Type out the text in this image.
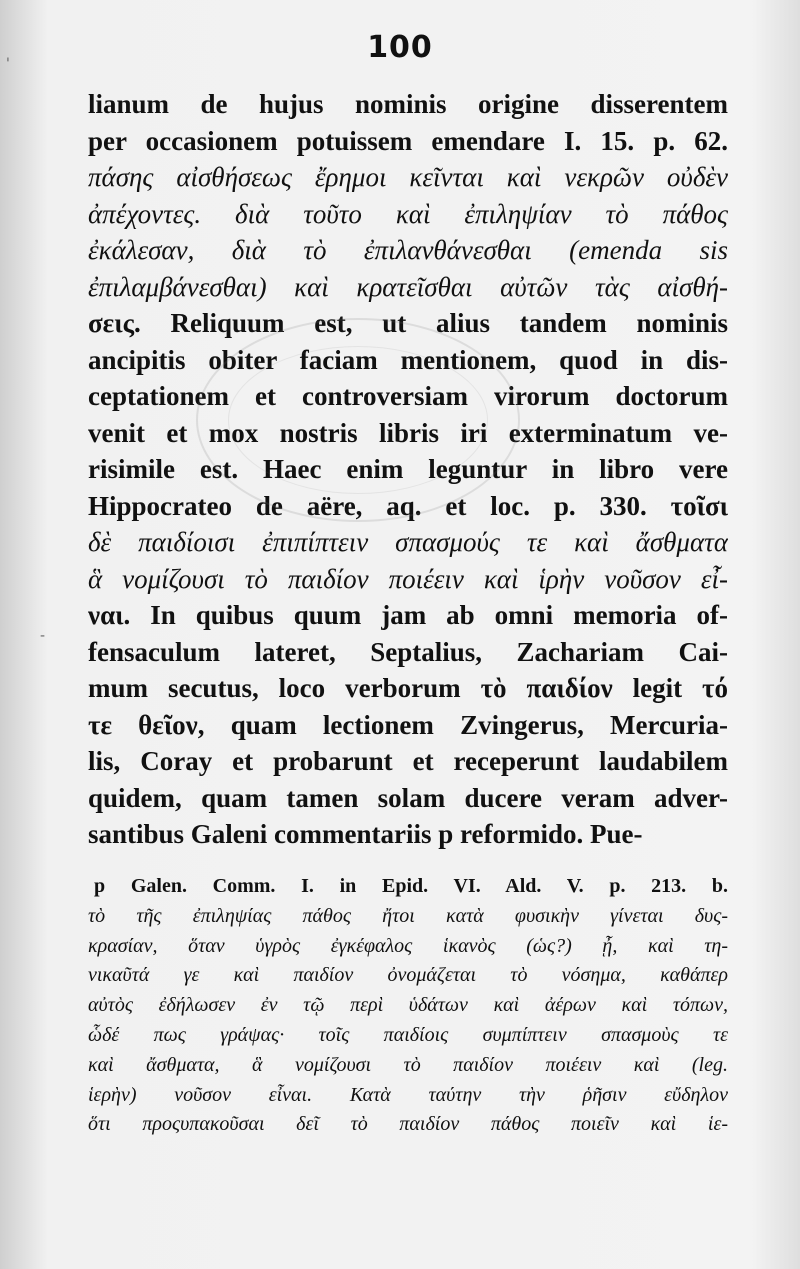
100
lianum de hujus nominis origine disserentem
per occasionem potuissem emendare I. 15. p. 62.
πάσης αἰσθήσεως ἔρημοι κεῖνται καὶ νεκρῶν οὐδὲν
ἀπέχοντες. διὰ τοῦτο καὶ ἐπιληψίαν τὸ πάθος
ἐκάλεσαν, διὰ τὸ ἐπιλανθάνεσθαι (emenda sis
ἐπιλαμβάνεσθαι) καὶ κρατεῖσθαι αὐτῶν τὰς αἰσθή-
σεις. Reliquum est, ut alius tandem nominis
ancipitis obiter faciam mentionem, quod in dis-
ceptationem et controversiam virorum doctorum
venit et mox nostris libris iri exterminatum ve-
risimile est. Haec enim leguntur in libro vere
Hippocrateo de aëre, aq. et loc. p. 330. τοῖσι
δὲ παιδίοισι ἐπιπίπτειν σπασμούς τε καὶ ἄσθματα
ἃ νομίζουσι τὸ παιδίον ποιέειν καὶ ἱρὴν νοῦσον εἶ-
ναι. In quibus quum jam ab omni memoria of-
fensaculum lateret, Septalius, Zachariam Cai-
mum secutus, loco verborum τὸ παιδίον legit τό
τε θεῖον, quam lectionem Zvingerus, Mercuria-
lis, Coray et probarunt et receperunt laudabilem
quidem, quam tamen solam ducere veram adver-
santibus Galeni commentariis p reformido. Pue-
p Galen. Comm. I. in Epid. VI. Ald. V. p. 213. b.
τὸ τῆς ἐπιληψίας πάθος ἤτοι κατὰ φυσικὴν γίνεται δυς-
κρασίαν, ὅταν ὑγρὸς ἐγκέφαλος ἱκανὸς (ὡς?) ᾖ, καὶ τη-
νικαῦτά γε καὶ παιδίον ὀνομάζεται τὸ νόσημα, καθάπερ
αὐτὸς ἐδήλωσεν ἐν τῷ περὶ ὑδάτων καὶ ἀέρων καὶ τόπων,
ὧδέ πως γράψας· τοῖς παιδίοις συμπίπτειν σπασμοὺς τε
καὶ ἄσθματα, ἃ νομίζουσι τὸ παιδίον ποιέειν καὶ (leg.
ἱερὴν) νοῦσον εἶναι. Κατὰ ταύτην τὴν ῥῆσιν εὔδηλον
ὅτι προςυπακοῦσαι δεῖ τὸ παιδίον πάθος ποιεῖν καὶ ἱε-
'
-
